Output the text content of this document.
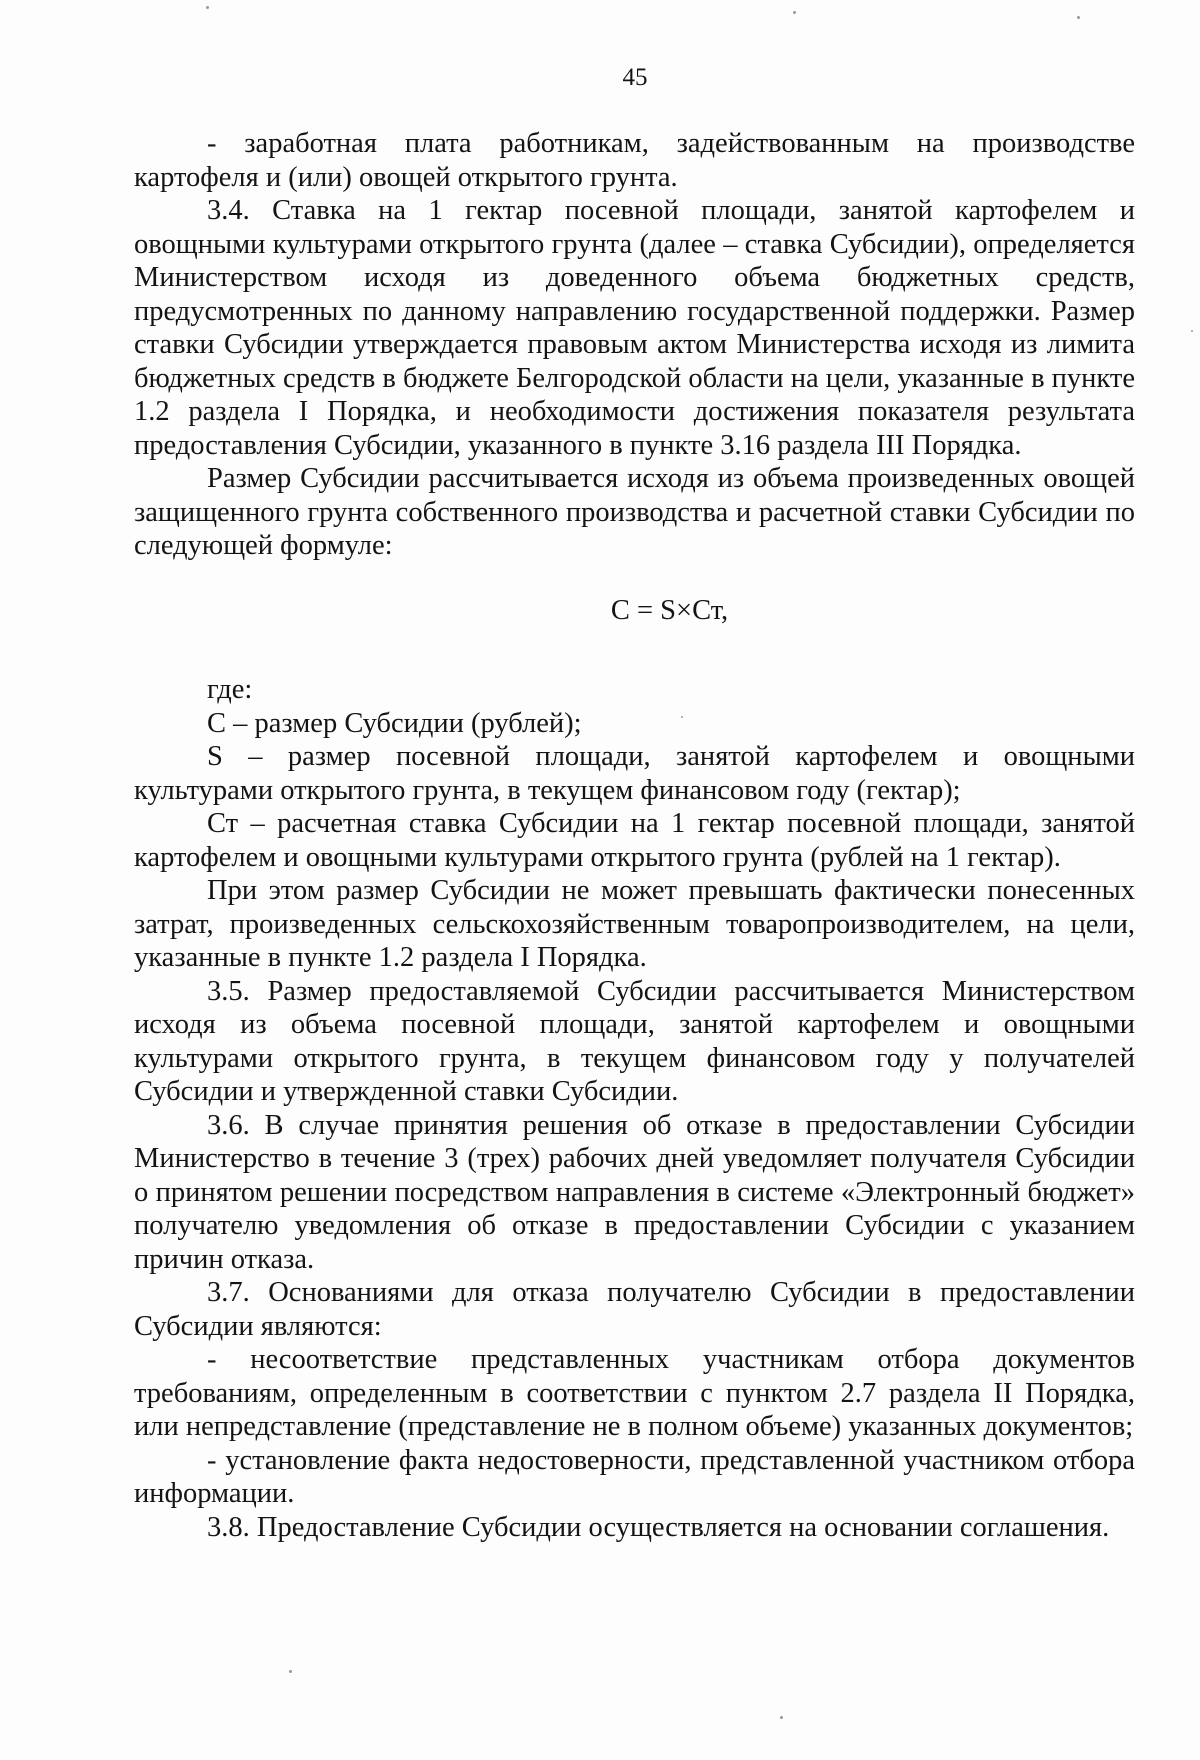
45

- заработная плата работникам, задействованным на производстве картофеля и (или) овощей открытого грунта.

3.4. Ставка на 1 гектар посевной площади, занятой картофелем и овощными культурами открытого грунта (далее – ставка Субсидии), определяется Министерством исходя из доведенного объема бюджетных средств, предусмотренных по данному направлению государственной поддержки. Размер ставки Субсидии утверждается правовым актом Министерства исходя из лимита бюджетных средств в бюджете Белгородской области на цели, указанные в пункте 1.2 раздела I Порядка, и необходимости достижения показателя результата предоставления Субсидии, указанного в пункте 3.16 раздела III Порядка.

Размер Субсидии рассчитывается исходя из объема произведенных овощей защищенного грунта собственного производства и расчетной ставки Субсидии по следующей формуле:

С = S×Ст,

где:

С – размер Субсидии (рублей);

S – размер посевной площади, занятой картофелем и овощными культурами открытого грунта, в текущем финансовом году (гектар);

Ст – расчетная ставка Субсидии на 1 гектар посевной площади, занятой картофелем и овощными культурами открытого грунта (рублей на 1 гектар).

При этом размер Субсидии не может превышать фактически понесенных затрат, произведенных сельскохозяйственным товаропроизводителем, на цели, указанные в пункте 1.2 раздела I Порядка.

3.5. Размер предоставляемой Субсидии рассчитывается Министерством исходя из объема посевной площади, занятой картофелем и овощными культурами открытого грунта, в текущем финансовом году у получателей Субсидии и утвержденной ставки Субсидии.

3.6. В случае принятия решения об отказе в предоставлении Субсидии Министерство в течение 3 (трех) рабочих дней уведомляет получателя Субсидии о принятом решении посредством направления в системе «Электронный бюджет» получателю уведомления об отказе в предоставлении Субсидии с указанием причин отказа.

3.7. Основаниями для отказа получателю Субсидии в предоставлении Субсидии являются:

- несоответствие представленных участникам отбора документов требованиям, определенным в соответствии с пунктом 2.7 раздела II Порядка, или непредставление (представление не в полном объеме) указанных документов;

- установление факта недостоверности, представленной участником отбора информации.

3.8. Предоставление Субсидии осуществляется на основании соглашения.
